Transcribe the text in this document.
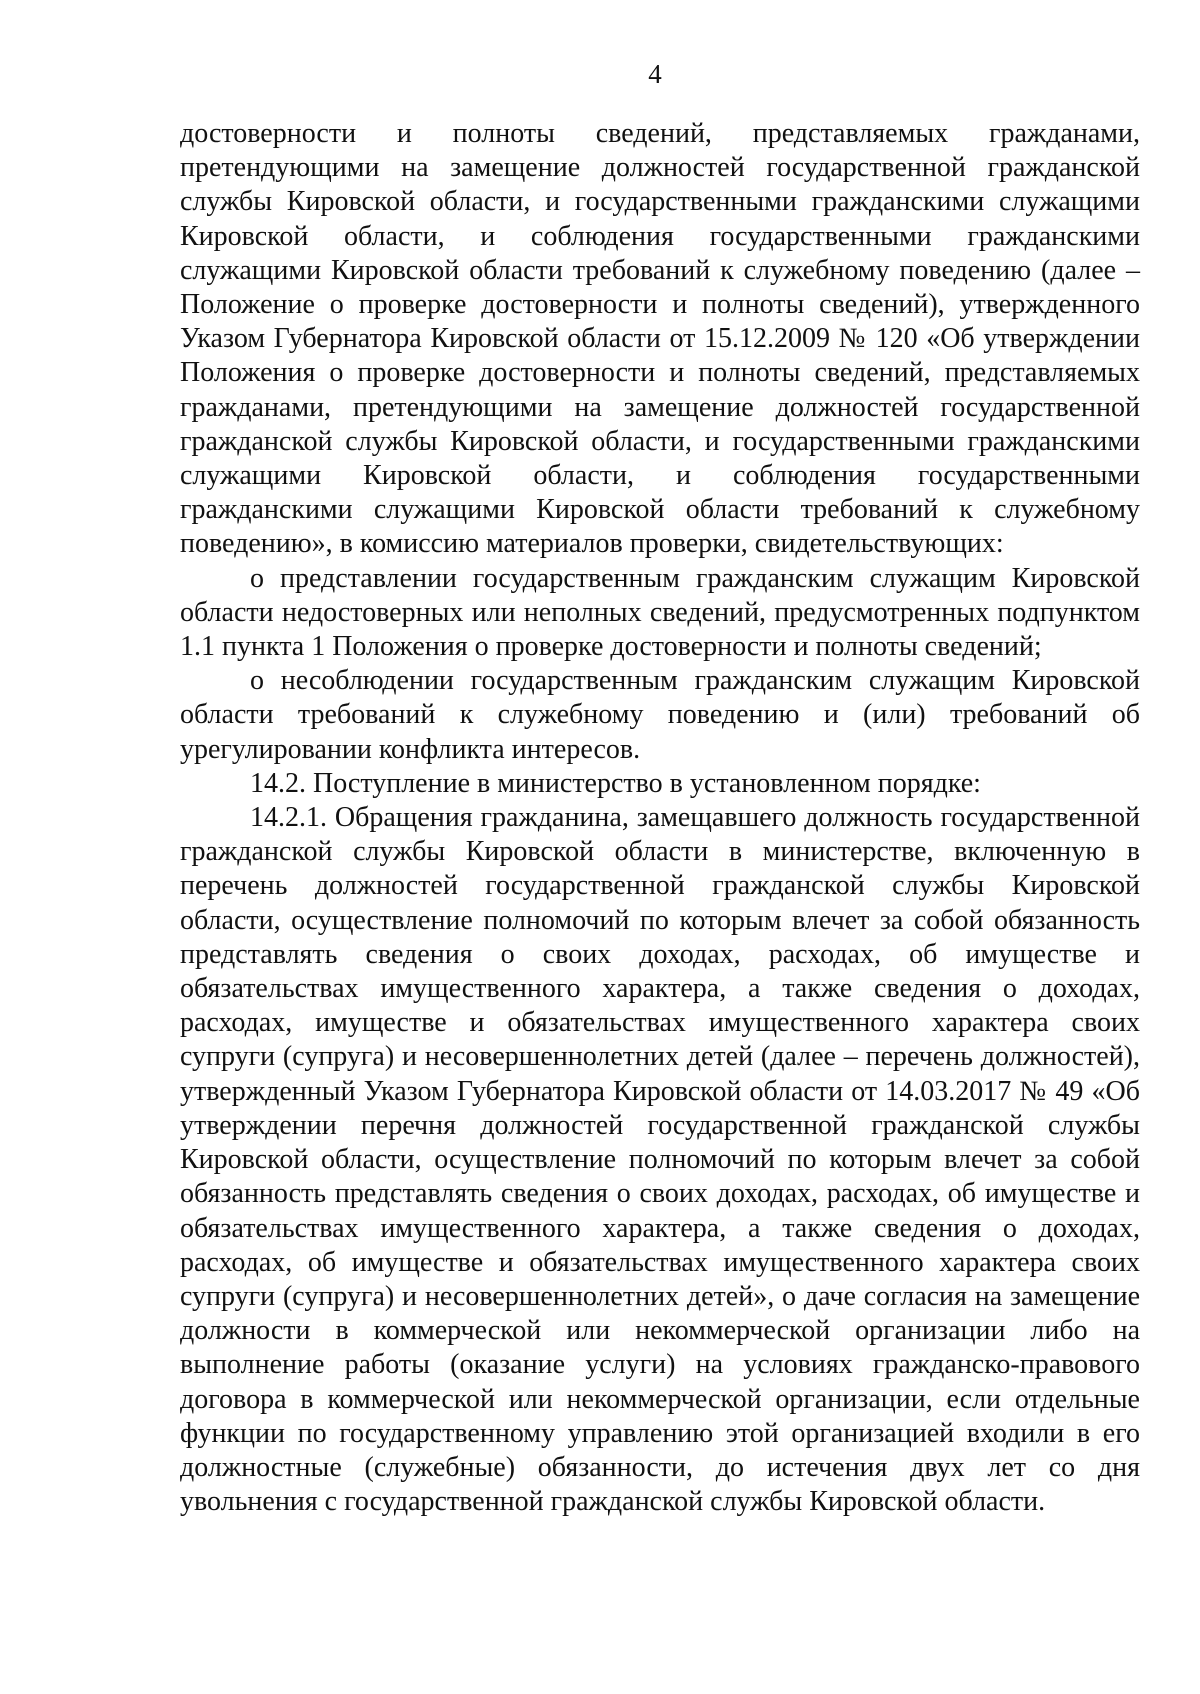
4

достоверности и полноты сведений, представляемых гражданами, претендующими на замещение должностей государственной гражданской службы Кировской области, и государственными гражданскими служащими Кировской области, и соблюдения государственными гражданскими служащими Кировской области требований к служебному поведению (далее – Положение о проверке достоверности и полноты сведений), утвержденного Указом Губернатора Кировской области от 15.12.2009 № 120 «Об утверждении Положения о проверке достоверности и полноты сведений, представляемых гражданами, претендующими на замещение должностей государственной гражданской службы Кировской области, и государственными гражданскими служащими Кировской области, и соблюдения государственными гражданскими служащими Кировской области требований к служебному поведению», в комиссию материалов проверки, свидетельствующих:

о представлении государственным гражданским служащим Кировской области недостоверных или неполных сведений, предусмотренных подпунктом 1.1 пункта 1 Положения о проверке достоверности и полноты сведений;

о несоблюдении государственным гражданским служащим Кировской области требований к служебному поведению и (или) требований об урегулировании конфликта интересов.

14.2. Поступление в министерство в установленном порядке:

14.2.1. Обращения гражданина, замещавшего должность государственной гражданской службы Кировской области в министерстве, включенную в перечень должностей государственной гражданской службы Кировской области, осуществление полномочий по которым влечет за собой обязанность представлять сведения о своих доходах, расходах, об имуществе и обязательствах имущественного характера, а также сведения о доходах, расходах, имуществе и обязательствах имущественного характера своих супруги (супруга) и несовершеннолетних детей (далее – перечень должностей), утвержденный Указом Губернатора Кировской области от 14.03.2017 № 49 «Об утверждении перечня должностей государственной гражданской службы Кировской области, осуществление полномочий по которым влечет за собой обязанность представлять сведения о своих доходах, расходах, об имуществе и обязательствах имущественного характера, а также сведения о доходах, расходах, об имуществе и обязательствах имущественного характера своих супруги (супруга) и несовершеннолетних детей», о даче согласия на замещение должности в коммерческой или некоммерческой организации либо на выполнение работы (оказание услуги) на условиях гражданско-правового договора в коммерческой или некоммерческой организации, если отдельные функции по государственному управлению этой организацией входили в его должностные (служебные) обязанности, до истечения двух лет со дня увольнения с государственной гражданской службы Кировской области.
